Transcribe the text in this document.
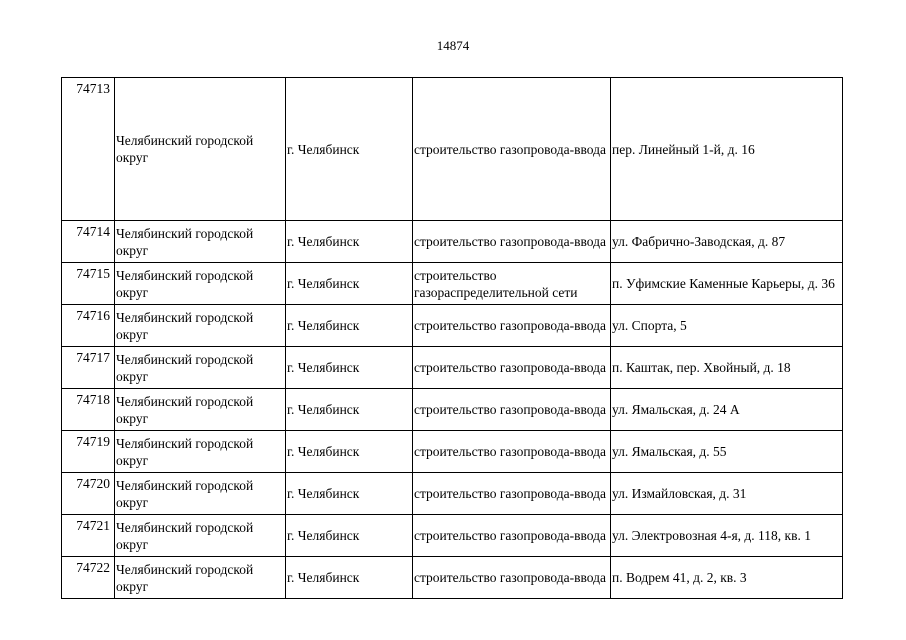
14874
74713	Челябинский городской округ	г. Челябинск	строительство газопровода-ввода	пер. Линейный 1-й, д. 16
74714	Челябинский городской округ	г. Челябинск	строительство газопровода-ввода	ул. Фабрично-Заводская, д. 87
74715	Челябинский городской округ	г. Челябинск	строительство газораспределительной сети	п. Уфимские Каменные Карьеры, д. 36
74716	Челябинский городской округ	г. Челябинск	строительство газопровода-ввода	ул. Спорта, 5
74717	Челябинский городской округ	г. Челябинск	строительство газопровода-ввода	п. Каштак, пер. Хвойный, д. 18
74718	Челябинский городской округ	г. Челябинск	строительство газопровода-ввода	ул. Ямальская, д. 24 А
74719	Челябинский городской округ	г. Челябинск	строительство газопровода-ввода	ул. Ямальская, д. 55
74720	Челябинский городской округ	г. Челябинск	строительство газопровода-ввода	ул. Измайловская, д. 31
74721	Челябинский городской округ	г. Челябинск	строительство газопровода-ввода	ул. Электровозная 4-я, д. 118, кв. 1
74722	Челябинский городской округ	г. Челябинск	строительство газопровода-ввода	п. Водрем 41, д. 2, кв. 3
